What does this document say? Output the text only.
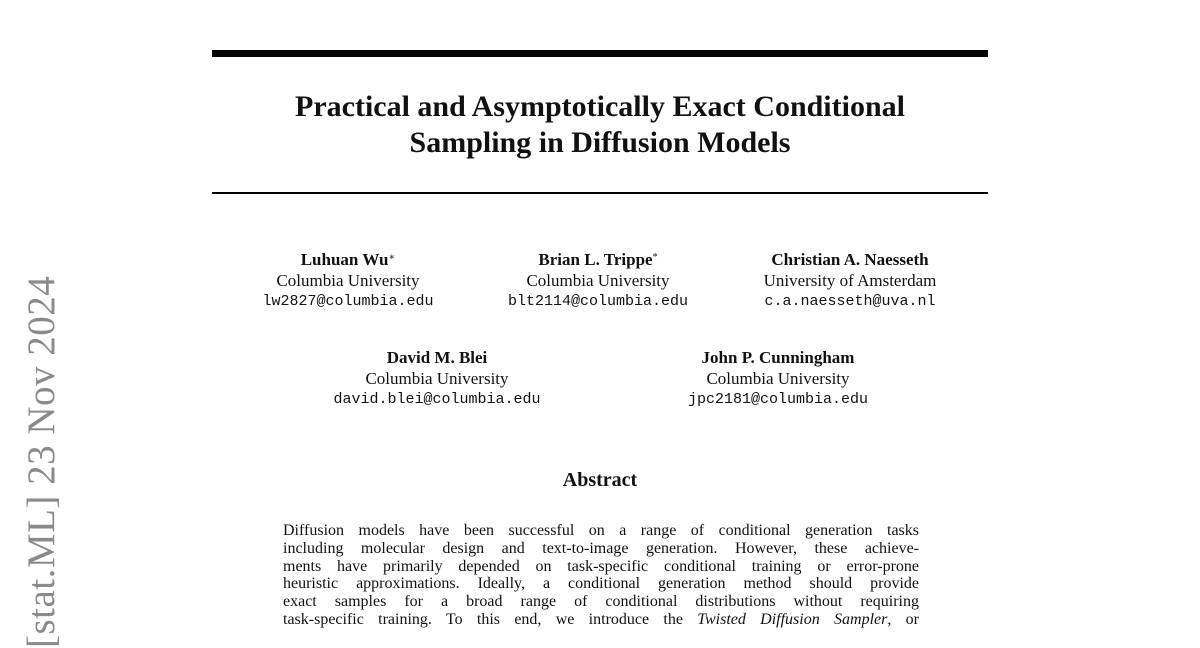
Practical and Asymptotically Exact Conditional
Sampling in Diffusion Models
Luhuan Wu∗
Columbia University
lw2827@columbia.edu
Brian L. Trippe*
Columbia University
blt2114@columbia.edu
Christian A. Naesseth
University of Amsterdam
c.a.naesseth@uva.nl
David M. Blei
Columbia University
david.blei@columbia.edu
John P. Cunningham
Columbia University
jpc2181@columbia.edu
Abstract
Diffusion models have been successful on a range of conditional generation tasks
including molecular design and text-to-image generation. However, these achieve-
ments have primarily depended on task-specific conditional training or error-prone
heuristic approximations. Ideally, a conditional generation method should provide
exact samples for a broad range of conditional distributions without requiring
task-specific training. To this end, we introduce the Twisted Diffusion Sampler, or
[stat.ML] 23 Nov 2024
